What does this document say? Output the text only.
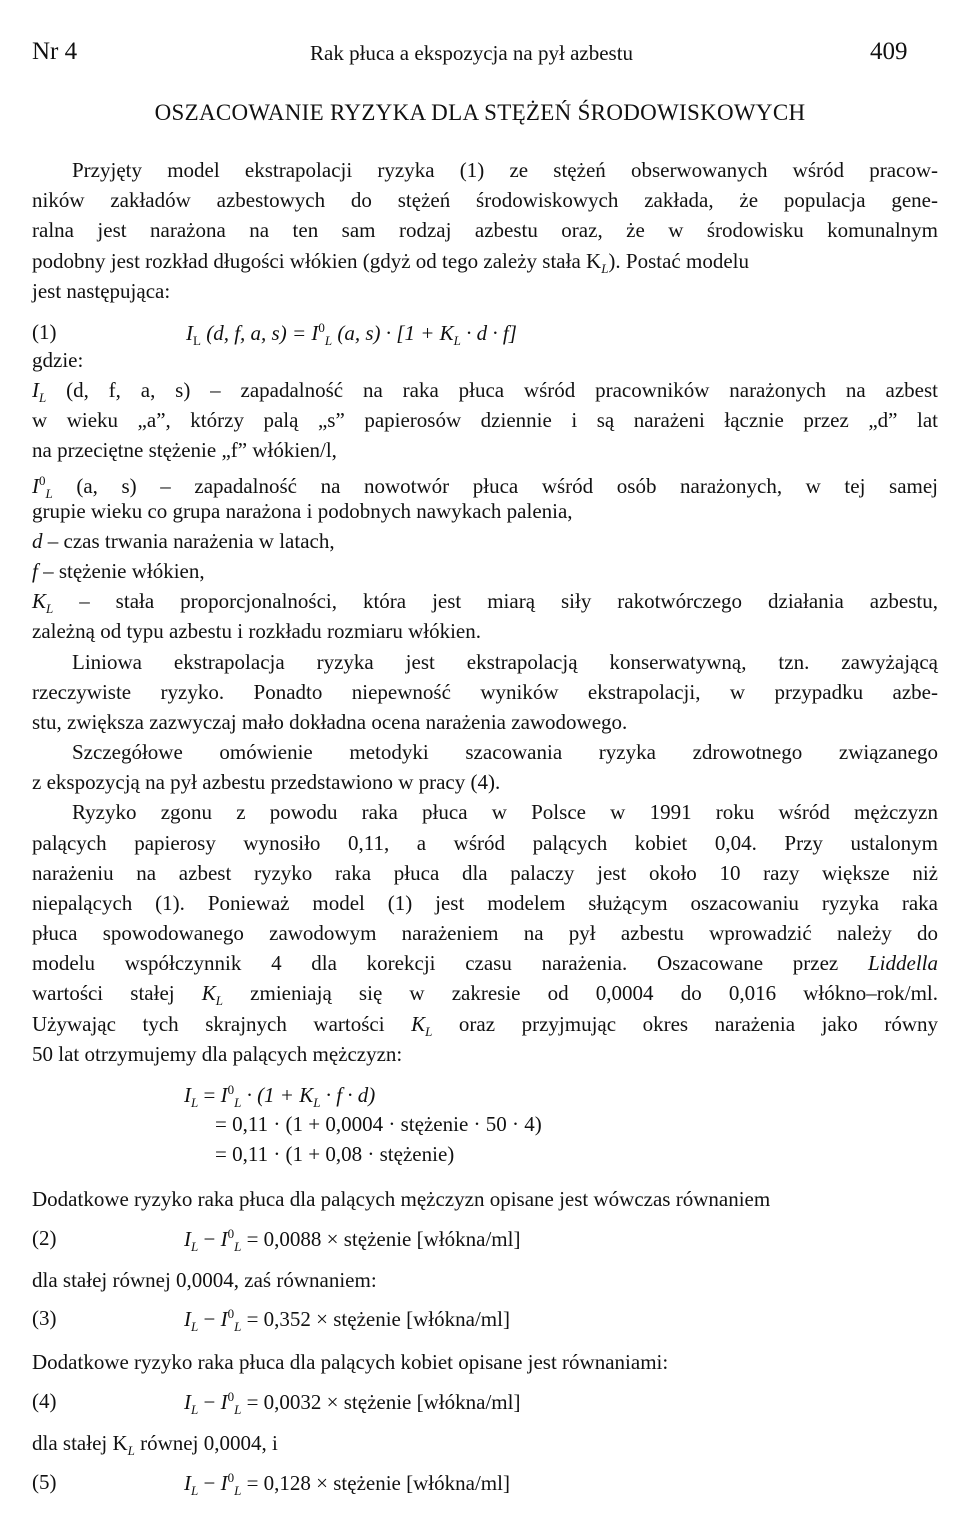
Nr 4	Rak płuca a ekspozycja na pył azbestu	409
OSZACOWANIE RYZYKA DLA STĘŻEŃ ŚRODOWISKOWYCH
Przyjęty model ekstrapolacji ryzyka (1) ze stężeń obserwowanych wśród pracow-
ników zakładów azbestowych do stężeń środowiskowych zakłada, że populacja gene-
ralna jest narażona na ten sam rodzaj azbestu oraz, że w środowisku komunalnym
podobny jest rozkład długości włókien (gdyż od tego zależy stała $K_L$). Postać modelu
jest następująca:
(1)	$I_L$ (d, f, a, $s) = I^0_L$ (a, $s) \cdot [1 + K_L \cdot d \cdot f]$
gdzie:
$I_L$ (d, f, a, s) – zapadalność na raka płuca wśród pracowników narażonych na azbest
w wieku „a”, którzy palą „s” papierosów dziennie i są narażeni łącznie przez „d” lat
na przeciętne stężenie „f” włókien/l,
$I^0_L$ (a, s) – zapadalność na nowotwór płuca wśród osób narażonych, w tej samej
grupie wieku co grupa narażona i podobnych nawykach palenia,
d – czas trwania narażenia w latach,
f – stężenie włókien,
$K_L$ – stała proporcjonalności, która jest miarą siły rakotwórczego działania azbestu,
zależną od typu azbestu i rozkładu rozmiaru włókien.
Liniowa ekstrapolacja ryzyka jest ekstrapolacją konserwatywną, tzn. zawyżającą
rzeczywiste ryzyko. Ponadto niepewność wyników ekstrapolacji, w przypadku azbe-
stu, zwiększa zazwyczaj mało dokładna ocena narażenia zawodowego.
Szczegółowe omówienie metodyki szacowania ryzyka zdrowotnego związanego
z ekspozycją na pył azbestu przedstawiono w pracy (4).
Ryzyko zgonu z powodu raka płuca w Polsce w 1991 roku wśród mężczyzn
palących papierosy wynosiło 0,11, a wśród palących kobiet 0,04. Przy ustalonym
narażeniu na azbest ryzyko raka płuca dla palaczy jest około 10 razy większe niż
niepalących (1). Ponieważ model (1) jest modelem służącym oszacowaniu ryzyka raka
płuca spowodowanego zawodowym narażeniem na pył azbestu wprowadzić należy do
modelu współczynnik 4 dla korekcji czasu narażenia. Oszacowane przez Liddella
wartości stałej $K_L$ zmieniają się w zakresie od 0,0004 do 0,016 włókno–rok/ml.
Używając tych skrajnych wartości $K_L$ oraz przyjmując okres narażenia jako równy
50 lat otrzymujemy dla palących mężczyzn:
$I_L = I^0_L \cdot (1 + K_L \cdot f \cdot d)$
= 0,11 · (1 + 0,0004 · stężenie · 50 · 4)
= 0,11 · (1 + 0,08 · stężenie)
Dodatkowe ryzyko raka płuca dla palących mężczyzn opisane jest wówczas równaniem
(2)	$I_L - I^0_L = 0,0088$ × stężenie [włókna/ml]
dla stałej równej 0,0004, zaś równaniem:
(3)	$I_L - I^0_L = 0,352$ × stężenie [włókna/ml]
Dodatkowe ryzyko raka płuca dla palących kobiet opisane jest równaniami:
(4)	$I_L - I^0_L = 0,0032$ × stężenie [włókna/ml]
dla stałej $K_L$ równej 0,0004, i
(5)	$I_L - I^0_L = 0,128$ × stężenie [włókna/ml]
